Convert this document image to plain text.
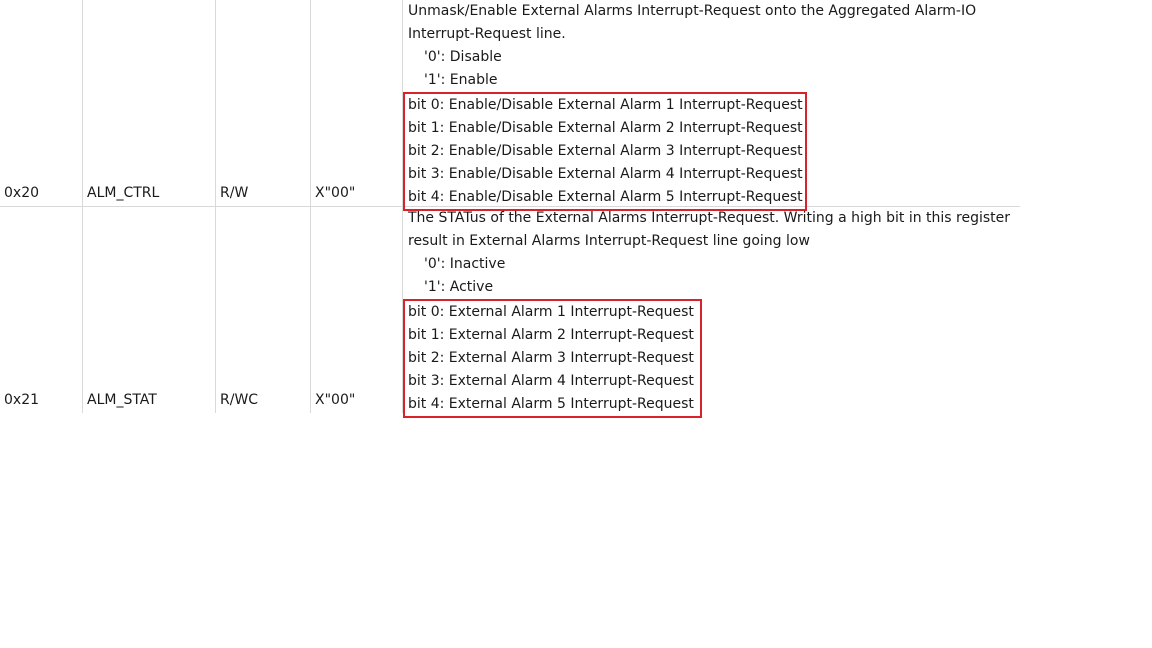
0x20	ALM_CTRL	R/W	X"00"
Unmask/Enable External Alarms Interrupt-Request onto the Aggregated Alarm-IO
Interrupt-Request line.
'0': Disable
'1': Enable
bit 0: Enable/Disable External Alarm 1 Interrupt-Request
bit 1: Enable/Disable External Alarm 2 Interrupt-Request
bit 2: Enable/Disable External Alarm 3 Interrupt-Request
bit 3: Enable/Disable External Alarm 4 Interrupt-Request
bit 4: Enable/Disable External Alarm 5 Interrupt-Request
0x21	ALM_STAT	R/WC	X"00"
The STATus of the External Alarms Interrupt-Request. Writing a high bit in this register
result in External Alarms Interrupt-Request line going low
'0': Inactive
'1': Active
bit 0: External Alarm 1 Interrupt-Request
bit 1: External Alarm 2 Interrupt-Request
bit 2: External Alarm 3 Interrupt-Request
bit 3: External Alarm 4 Interrupt-Request
bit 4: External Alarm 5 Interrupt-Request
